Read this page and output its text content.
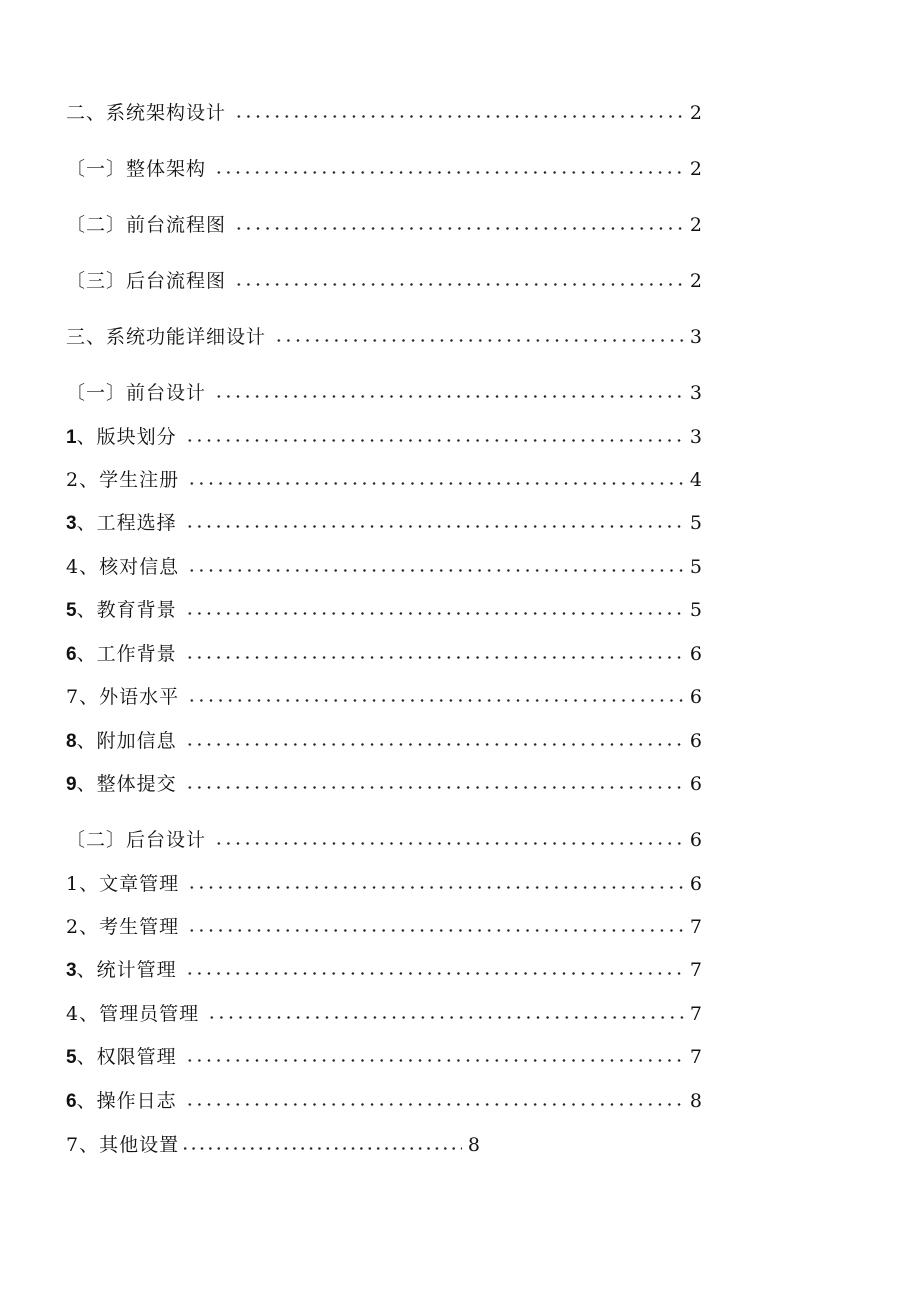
二、系统架构设计	2
〔一〕整体架构	2
〔二〕前台流程图	2
〔三〕后台流程图	2
三、系统功能详细设计	3
〔一〕前台设计	3
1、版块划分	3
2、学生注册	4
3、工程选择	5
4、核对信息	5
5、教育背景	5
6、工作背景	6
7、外语水平	6
8、附加信息	6
9、整体提交	6
〔二〕后台设计	6
1、文章管理	6
2、考生管理	7
3、统计管理	7
4、管理员管理	7
5、权限管理	7
6、操作日志	8
7、其他设置	8
